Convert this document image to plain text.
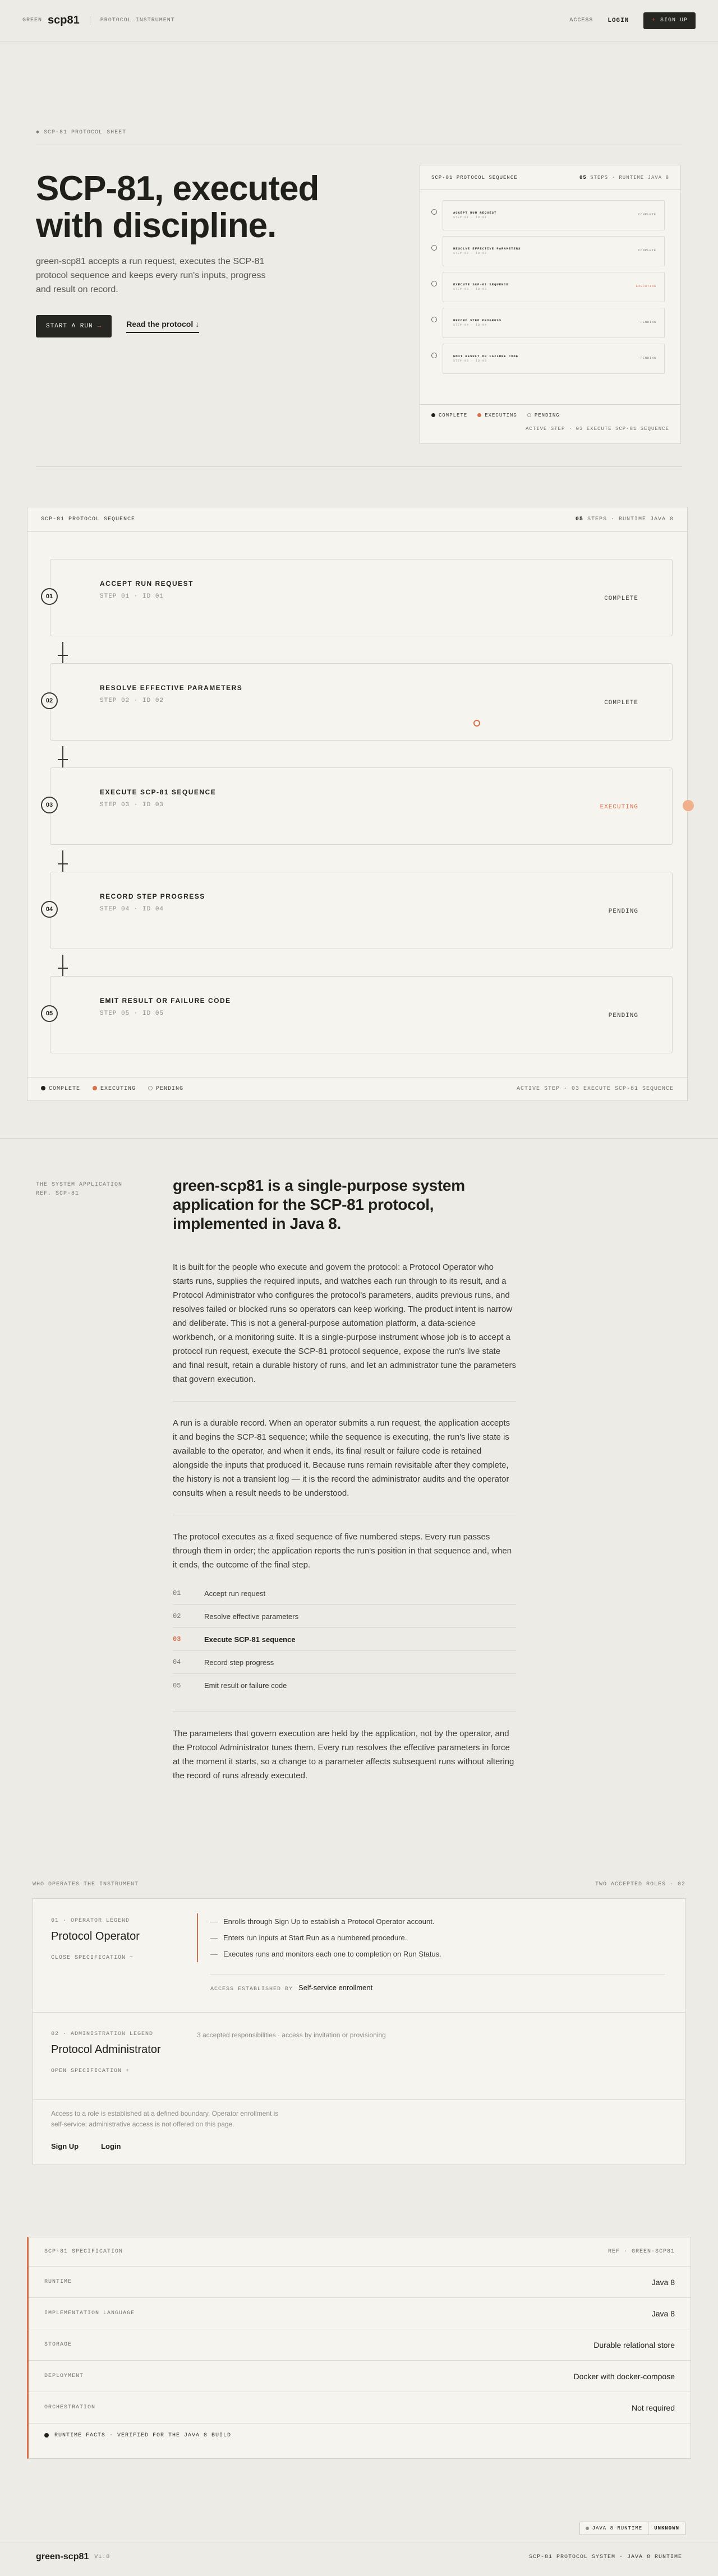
GREEN scp81	PROTOCOL INSTRUMENT	ACCESS LOGIN	+ SIGN UP
◆ SCP-81 PROTOCOL SHEET
SCP-81, executed with discipline.

green-scp81 accepts a run request, executes the SCP-81 protocol sequence and keeps every run's inputs, progress and result on record.

START A RUN →	Read the protocol ↓
SCP-81 PROTOCOL SEQUENCE	05 STEPS · RUNTIME JAVA 8
ACCEPT RUN REQUEST
STEP 01 · ID 01
COMPLETE
RESOLVE EFFECTIVE PARAMETERS
STEP 02 · ID 02
COMPLETE
EXECUTE SCP-81 SEQUENCE
STEP 03 · ID 03
EXECUTING
RECORD STEP PROGRESS
STEP 04 · ID 04
PENDING
EMIT RESULT OR FAILURE CODE
STEP 05 · ID 05
PENDING
COMPLETE	EXECUTING	PENDING
ACTIVE STEP · 03 EXECUTE SCP-81 SEQUENCE
SCP-81 PROTOCOL SEQUENCE	05 STEPS · RUNTIME JAVA 8
01
ACCEPT RUN REQUEST
STEP 01 · ID 01	COMPLETE
02
RESOLVE EFFECTIVE PARAMETERS
STEP 02 · ID 02	COMPLETE
03
EXECUTE SCP-81 SEQUENCE
STEP 03 · ID 03	EXECUTING
04
RECORD STEP PROGRESS
STEP 04 · ID 04	PENDING
05
EMIT RESULT OR FAILURE CODE
STEP 05 · ID 05	PENDING
COMPLETE	EXECUTING	PENDING	ACTIVE STEP · 03 EXECUTE SCP-81 SEQUENCE
THE SYSTEM APPLICATION
REF. SCP-81	green-scp81 is a single-purpose system application for the SCP-81 protocol, implemented in Java 8.

It is built for the people who execute and govern the protocol: a Protocol Operator who starts runs, supplies the required inputs, and watches each run through to its result, and a Protocol Administrator who configures the protocol's parameters, audits previous runs, and resolves failed or blocked runs so operators can keep working. The product intent is narrow and deliberate. This is not a general-purpose automation platform, a data-science workbench, or a monitoring suite. It is a single-purpose instrument whose job is to accept a protocol run request, execute the SCP-81 protocol sequence, expose the run's live state and final result, retain a durable history of runs, and let an administrator tune the parameters that govern execution.

A run is a durable record. When an operator submits a run request, the application accepts it and begins the SCP-81 sequence; while the sequence is executing, the run's live state is available to the operator, and when it ends, its final result or failure code is retained alongside the inputs that produced it. Because runs remain revisitable after they complete, the history is not a transient log — it is the record the administrator audits and the operator consults when a result needs to be understood.

The protocol executes as a fixed sequence of five numbered steps. Every run passes through them in order; the application reports the run's position in that sequence and, when it ends, the outcome of the final step.

01	Accept run request
02	Resolve effective parameters
03	Execute SCP-81 sequence
04	Record step progress
05	Emit result or failure code

The parameters that govern execution are held by the application, not by the operator, and the Protocol Administrator tunes them. Every run resolves the effective parameters in force at the moment it starts, so a change to a parameter affects subsequent runs without altering the record of runs already executed.

WHO OPERATES THE INSTRUMENT	TWO ACCEPTED ROLES · 02
01 · OPERATOR LEGEND
Protocol Operator
CLOSE SPECIFICATION −
— Enrolls through Sign Up to establish a Protocol Operator account.
— Enters run inputs at Start Run as a numbered procedure.
— Executes runs and monitors each one to completion on Run Status.
ACCESS ESTABLISHED BY Self-service enrollment
02 · ADMINISTRATION LEGEND
Protocol Administrator
OPEN SPECIFICATION +
3 accepted responsibilities · access by invitation or provisioning

Access to a role is established at a defined boundary. Operator enrollment is self-service; administrative access is not offered on this page.

Sign Up	Login
SCP-81 SPECIFICATION	REF · GREEN-SCP81
RUNTIME	Java 8
IMPLEMENTATION LANGUAGE	Java 8
STORAGE	Durable relational store
DEPLOYMENT	Docker with docker-compose
ORCHESTRATION	Not required
RUNTIME FACTS · VERIFIED FOR THE JAVA 8 BUILD
JAVA 8 RUNTIME	UNKNOWN
green-scp81 V1.0	SCP-81 PROTOCOL SYSTEM · JAVA 8 RUNTIME
